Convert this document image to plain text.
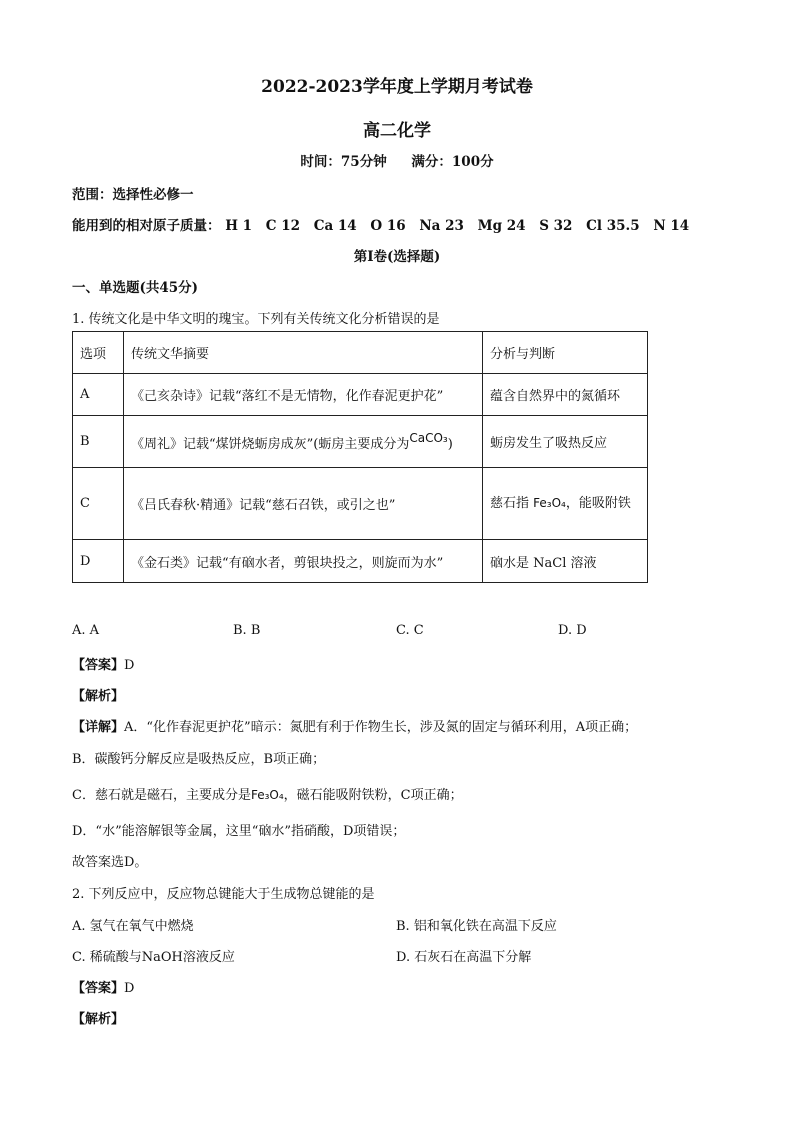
2022-2023学年度上学期月考试卷
高二化学
时间：75分钟 满分：100分
范围：选择性必修一
能用到的相对原子质量： H 1 C 12 Ca 14 O 16 Na 23 Mg 24 S 32 Cl 35.5 N 14
第I卷(选择题)
一、单选题(共45分)
1. 传统文化是中华文明的瑰宝。下列有关传统文化分析错误的是
选项	传统文华摘要	分析与判断
A	《己亥杂诗》记载“落红不是无情物，化作春泥更护花”	蕴含自然界中的氮循环
B	《周礼》记载“煤饼烧蛎房成灰”(蛎房主要成分为CaCO₃)	蛎房发生了吸热反应
C	《吕氏春秋·精通》记载“慈石召铁，或引之也”	慈石指 Fe₃O₄，能吸附铁
D	《金石类》记载“有硇水者，剪银块投之，则旋而为水”	硇水是 NaCl 溶液
A. A	B. B	C. C	D. D
【答案】D
【解析】
【详解】A．“化作春泥更护花”暗示：氮肥有利于作物生长，涉及氮的固定与循环利用，A项正确；
B．碳酸钙分解反应是吸热反应，B项正确；
C．慈石就是磁石，主要成分是Fe₃O₄，磁石能吸附铁粉，C项正确；
D．“水”能溶解银等金属，这里“硇水”指硝酸，D项错误；
故答案选D。
2. 下列反应中，反应物总键能大于生成物总键能的是
A. 氢气在氧气中燃烧	B. 铝和氧化铁在高温下反应
C. 稀硫酸与NaOH溶液反应	D. 石灰石在高温下分解
【答案】D
【解析】
